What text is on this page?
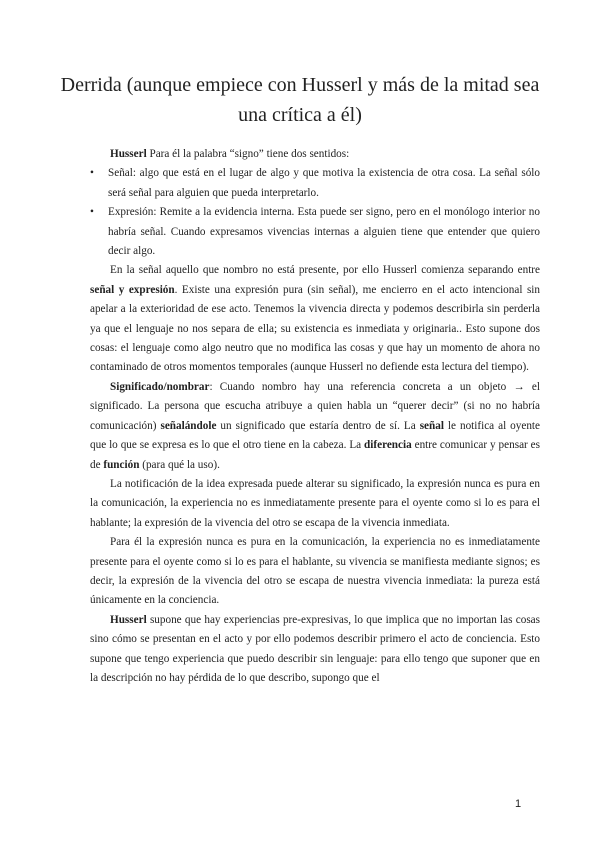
Derrida (aunque empiece con Husserl y más de la mitad sea una crítica a él)

Husserl Para él la palabra “signo” tiene dos sentidos:

• Señal: algo que está en el lugar de algo y que motiva la existencia de otra cosa. La señal sólo será señal para alguien que pueda interpretarlo.
• Expresión: Remite a la evidencia interna. Esta puede ser signo, pero en el monólogo interior no habría señal. Cuando expresamos vivencias internas a alguien tiene que entender que quiero decir algo.

En la señal aquello que nombro no está presente, por ello Husserl comienza separando entre señal y expresión. Existe una expresión pura (sin señal), me encierro en el acto intencional sin apelar a la exterioridad de ese acto. Tenemos la vivencia directa y podemos describirla sin perderla ya que el lenguaje no nos separa de ella; su existencia es inmediata y originaria.. Esto supone dos cosas: el lenguaje como algo neutro que no modifica las cosas y que hay un momento de ahora no contaminado de otros momentos temporales (aunque Husserl no defiende esta lectura del tiempo).

Significado/nombrar: Cuando nombro hay una referencia concreta a un objeto → el significado. La persona que escucha atribuye a quien habla un “querer decir” (si no no habría comunicación) señalándole un significado que estaría dentro de sí. La señal le notifica al oyente que lo que se expresa es lo que el otro tiene en la cabeza. La diferencia entre comunicar y pensar es de función (para qué la uso).

La notificación de la idea expresada puede alterar su significado, la expresión nunca es pura en la comunicación, la experiencia no es inmediatamente presente para el oyente como si lo es para el hablante; la expresión de la vivencia del otro se escapa de la vivencia inmediata.

Para él la expresión nunca es pura en la comunicación, la experiencia no es inmediatamente presente para el oyente como si lo es para el hablante, su vivencia se manifiesta mediante signos; es decir, la expresión de la vivencia del otro se escapa de nuestra vivencia inmediata: la pureza está únicamente en la conciencia.

Husserl supone que hay experiencias pre-expresivas, lo que implica que no importan las cosas sino cómo se presentan en el acto y por ello podemos describir primero el acto de conciencia. Esto supone que tengo experiencia que puedo describir sin lenguaje: para ello tengo que suponer que en la descripción no hay pérdida de lo que describo, supongo que el

1
